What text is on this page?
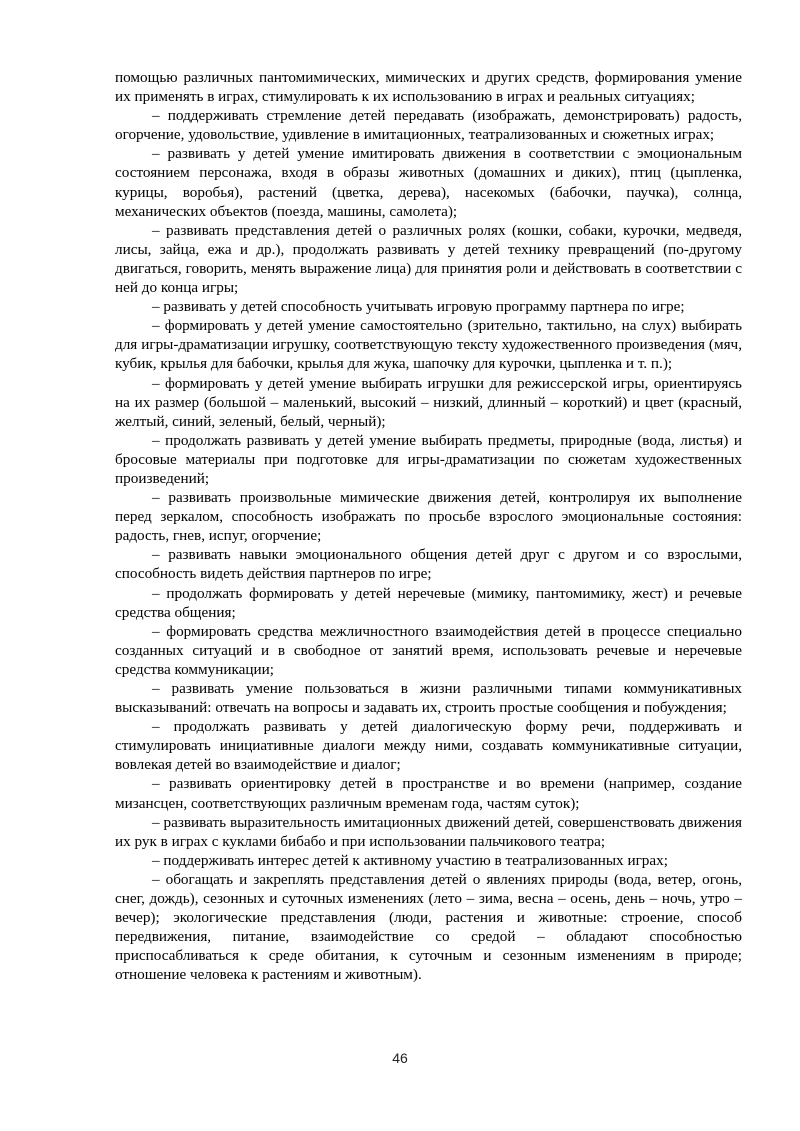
помощью различных пантомимических, мимических и других средств, формирования умение их применять в играх, стимулировать к их использованию в играх и реальных ситуациях;

– поддерживать стремление детей передавать (изображать, демонстрировать) радость, огорчение, удовольствие, удивление в имитационных, театрализованных и сюжетных играх;

– развивать у детей умение имитировать движения в соответствии с эмоциональным состоянием персонажа, входя в образы животных (домашних и диких), птиц (цыпленка, курицы, воробья), растений (цветка, дерева), насекомых (бабочки, паучка), солнца, механических объектов (поезда, машины, самолета);

– развивать представления детей о различных ролях (кошки, собаки, курочки, медведя, лисы, зайца, ежа и др.), продолжать развивать у детей технику превращений (по-другому двигаться, говорить, менять выражение лица) для принятия роли и действовать в соответствии с ней до конца игры;

– развивать у детей способность учитывать игровую программу партнера по игре;

– формировать у детей умение самостоятельно (зрительно, тактильно, на слух) выбирать для игры-драматизации игрушку, соответствующую тексту художественного произведения (мяч, кубик, крылья для бабочки, крылья для жука, шапочку для курочки, цыпленка и т. п.);

– формировать у детей умение выбирать игрушки для режиссерской игры, ориентируясь на их размер (большой – маленький, высокий – низкий, длинный – короткий) и цвет (красный, желтый, синий, зеленый, белый, черный);

– продолжать развивать у детей умение выбирать предметы, природные (вода, листья) и бросовые материалы при подготовке для игры-драматизации по сюжетам художественных произведений;

– развивать произвольные мимические движения детей, контролируя их выполнение перед зеркалом, способность изображать по просьбе взрослого эмоциональные состояния: радость, гнев, испуг, огорчение;

– развивать навыки эмоционального общения детей друг с другом и со взрослыми, способность видеть действия партнеров по игре;

– продолжать формировать у детей неречевые (мимику, пантомимику, жест) и речевые средства общения;

– формировать средства межличностного взаимодействия детей в процессе специально созданных ситуаций и в свободное от занятий время, использовать речевые и неречевые средства коммуникации;

– развивать умение пользоваться в жизни различными типами коммуникативных высказываний: отвечать на вопросы и задавать их, строить простые сообщения и побуждения;

– продолжать развивать у детей диалогическую форму речи, поддерживать и стимулировать инициативные диалоги между ними, создавать коммуникативные ситуации, вовлекая детей во взаимодействие и диалог;

– развивать ориентировку детей в пространстве и во времени (например, создание мизансцен, соответствующих различным временам года, частям суток);

– развивать выразительность имитационных движений детей, совершенствовать движения их рук в играх с куклами бибабо и при использовании пальчикового театра;

– поддерживать интерес детей к активному участию в театрализованных играх;

– обогащать и закреплять представления детей о явлениях природы (вода, ветер, огонь, снег, дождь), сезонных и суточных изменениях (лето – зима, весна – осень, день – ночь, утро – вечер); экологические представления (люди, растения и животные: строение, способ передвижения, питание, взаимодействие со средой – обладают способностью приспосабливаться к среде обитания, к суточным и сезонным изменениям в природе; отношение человека к растениям и животным).

46
